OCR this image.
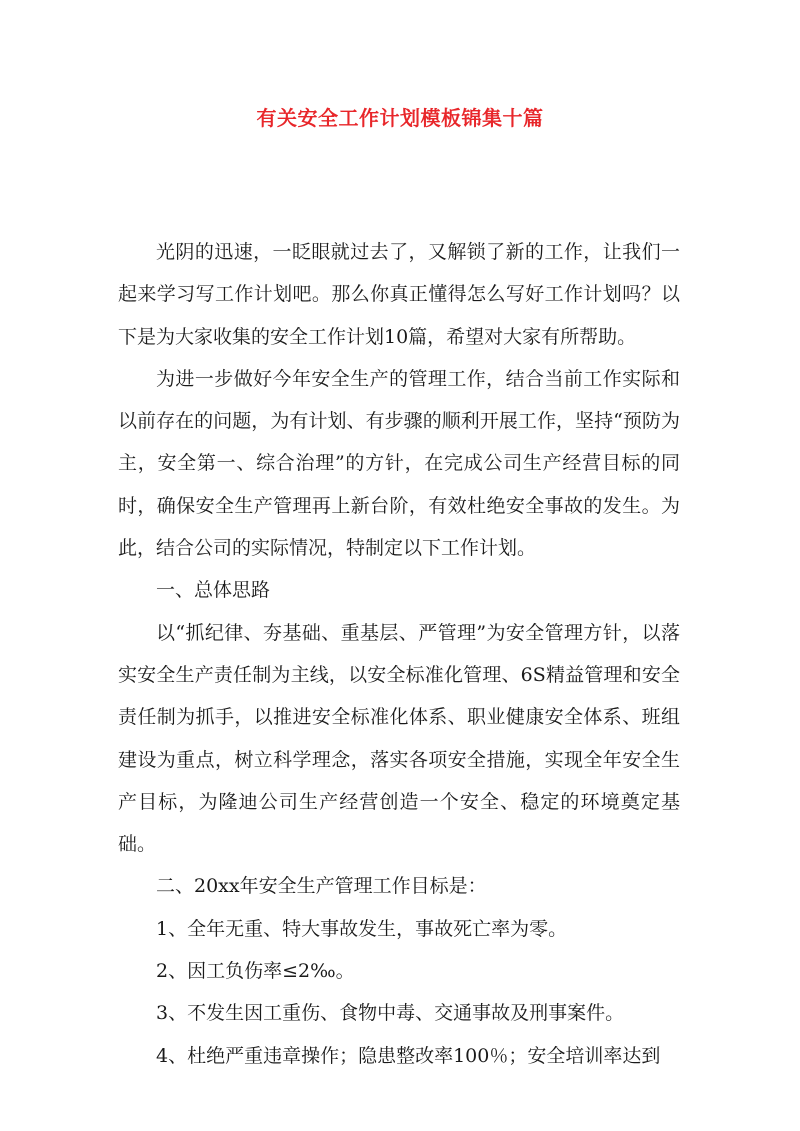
有关安全工作计划模板锦集十篇

光阴的迅速，一眨眼就过去了，又解锁了新的工作，让我们一起来学习写工作计划吧。那么你真正懂得怎么写好工作计划吗？以下是为大家收集的安全工作计划10篇，希望对大家有所帮助。

为进一步做好今年安全生产的管理工作，结合当前工作实际和以前存在的问题，为有计划、有步骤的顺利开展工作，坚持“预防为主，安全第一、综合治理”的方针，在完成公司生产经营目标的同时，确保安全生产管理再上新台阶，有效杜绝安全事故的发生。为此，结合公司的实际情况，特制定以下工作计划。

一、总体思路

以“抓纪律、夯基础、重基层、严管理”为安全管理方针，以落实安全生产责任制为主线，以安全标准化管理、6S精益管理和安全责任制为抓手，以推进安全标准化体系、职业健康安全体系、班组建设为重点，树立科学理念，落实各项安全措施，实现全年安全生产目标，为隆迪公司生产经营创造一个安全、稳定的环境奠定基础。

二、20xx年安全生产管理工作目标是：

1、全年无重、特大事故发生，事故死亡率为零。

2、因工负伤率≤2‰。

3、不发生因工重伤、食物中毒、交通事故及刑事案件。

4、杜绝严重违章操作；隐患整改率100％；安全培训率达到
